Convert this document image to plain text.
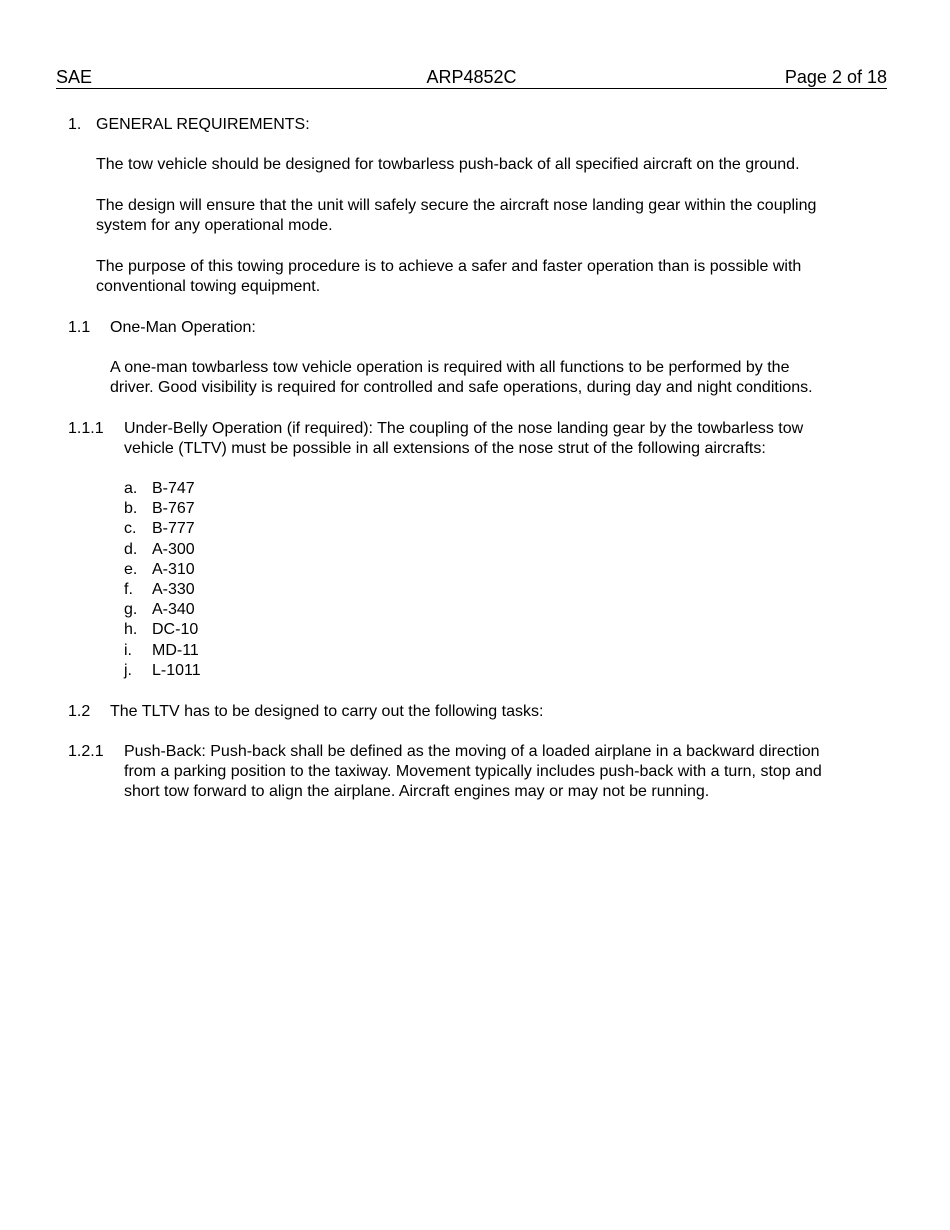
SAE	ARP4852C	Page 2 of 18
1. GENERAL REQUIREMENTS:
The tow vehicle should be designed for towbarless push-back of all specified aircraft on the ground.
The design will ensure that the unit will safely secure the aircraft nose landing gear within the coupling
system for any operational mode.
The purpose of this towing procedure is to achieve a safer and faster operation than is possible with
conventional towing equipment.
1.1 One-Man Operation:
A one-man towbarless tow vehicle operation is required with all functions to be performed by the
driver. Good visibility is required for controlled and safe operations, during day and night conditions.
1.1.1 Under-Belly Operation (if required): The coupling of the nose landing gear by the towbarless tow
vehicle (TLTV) must be possible in all extensions of the nose strut of the following aircrafts:
a. B-747
b. B-767
c. B-777
d. A-300
e. A-310
f. A-330
g. A-340
h. DC-10
i. MD-11
j. L-1011
1.2 The TLTV has to be designed to carry out the following tasks:
1.2.1 Push-Back: Push-back shall be defined as the moving of a loaded airplane in a backward direction
from a parking position to the taxiway. Movement typically includes push-back with a turn, stop and
short tow forward to align the airplane. Aircraft engines may or may not be running.
